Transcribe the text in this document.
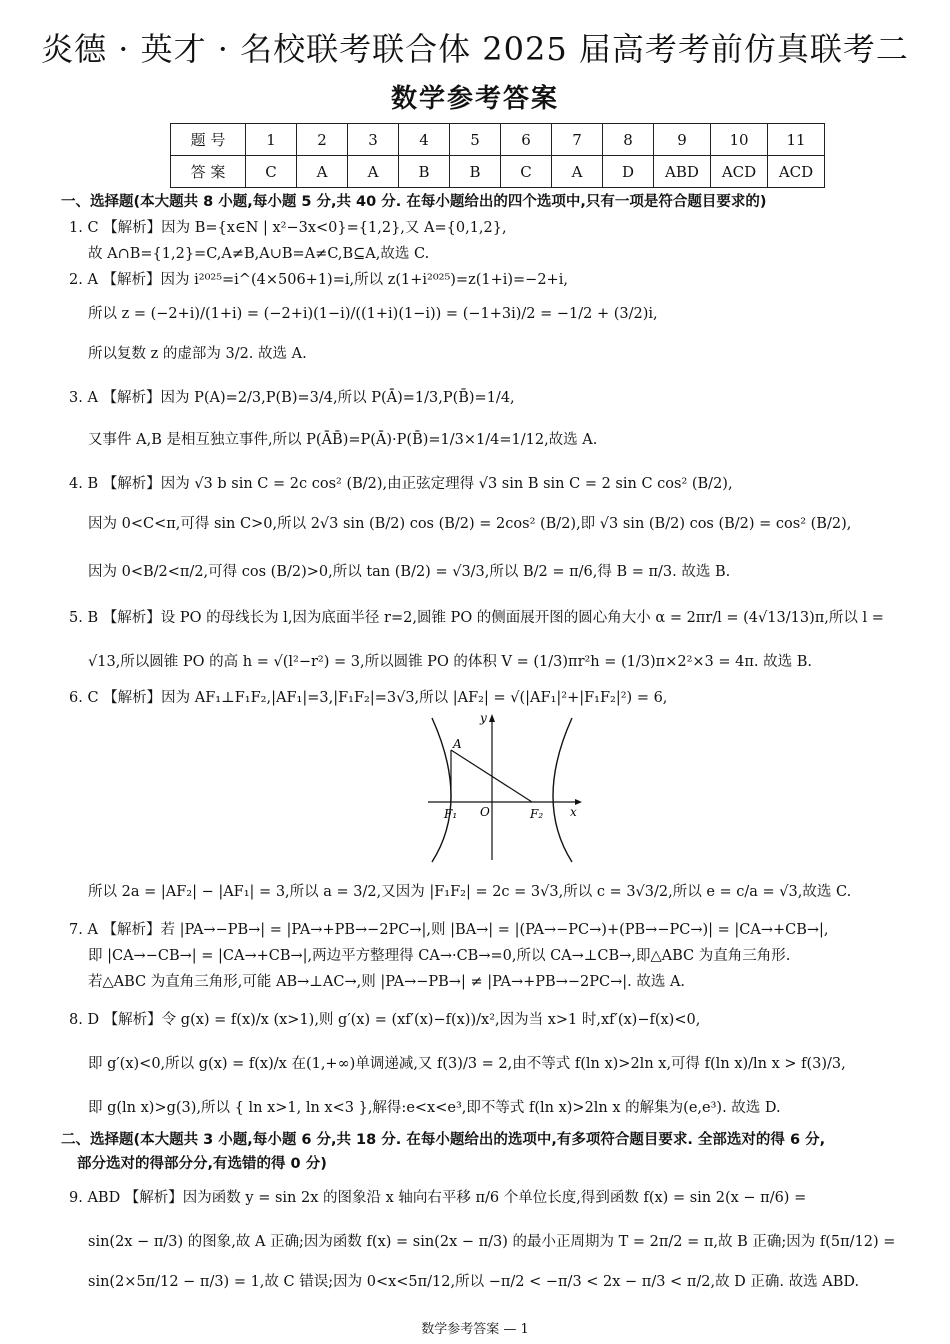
炎德 · 英才 · 名校联考联合体 2025 届高考考前仿真联考二
数学参考答案
题 号	1	2	3	4	5	6	7	8	9	10	11
答 案	C	A	A	B	B	C	A	D	ABD	ACD	ACD
一、选择题(本大题共 8 小题,每小题 5 分,共 40 分. 在每小题给出的四个选项中,只有一项是符合题目要求的)
1. C 【解析】因为 B={x∈N | x²−3x<0}={1,2},又 A={0,1,2},
故 A∩B={1,2}=C,A≠B,A∪B=A≠C,B⊆A,故选 C.
2. A 【解析】因为 i²⁰²⁵=i^(4×506+1)=i,所以 z(1+i²⁰²⁵)=z(1+i)=−2+i,
所以 z = (−2+i)/(1+i) = (−2+i)(1−i)/((1+i)(1−i)) = (−1+3i)/2 = −1/2 + (3/2)i,
所以复数 z 的虚部为 3/2. 故选 A.
3. A 【解析】因为 P(A)=2/3,P(B)=3/4,所以 P(Ā)=1/3,P(B̄)=1/4,
又事件 A,B 是相互独立事件,所以 P(ĀB̄)=P(Ā)·P(B̄)=1/3×1/4=1/12,故选 A.
4. B 【解析】因为 √3 b sin C = 2c cos² (B/2),由正弦定理得 √3 sin B sin C = 2 sin C cos² (B/2),
因为 0<C<π,可得 sin C>0,所以 2√3 sin (B/2) cos (B/2) = 2cos² (B/2),即 √3 sin (B/2) cos (B/2) = cos² (B/2),
因为 0<B/2<π/2,可得 cos (B/2)>0,所以 tan (B/2) = √3/3,所以 B/2 = π/6,得 B = π/3. 故选 B.
5. B 【解析】设 PO 的母线长为 l,因为底面半径 r=2,圆锥 PO 的侧面展开图的圆心角大小 α = 2πr/l = (4√13/13)π,所以 l =
√13,所以圆锥 PO 的高 h = √(l²−r²) = 3,所以圆锥 PO 的体积 V = (1/3)πr²h = (1/3)π×2²×3 = 4π. 故选 B.
6. C 【解析】因为 AF₁⊥F₁F₂,|AF₁|=3,|F₁F₂|=3√3,所以 |AF₂| = √(|AF₁|²+|F₁F₂|²) = 6,
所以 2a = |AF₂| − |AF₁| = 3,所以 a = 3/2,又因为 |F₁F₂| = 2c = 3√3,所以 c = 3√3/2,所以 e = c/a = √3,故选 C.
7. A 【解析】若 |PA→−PB→| = |PA→+PB→−2PC→|,则 |BA→| = |(PA→−PC→)+(PB→−PC→)| = |CA→+CB→|,
即 |CA→−CB→| = |CA→+CB→|,两边平方整理得 CA→·CB→=0,所以 CA→⊥CB→,即△ABC 为直角三角形.
若△ABC 为直角三角形,可能 AB→⊥AC→,则 |PA→−PB→| ≠ |PA→+PB→−2PC→|. 故选 A.
8. D 【解析】令 g(x) = f(x)/x (x>1),则 g′(x) = (xf′(x)−f(x))/x²,因为当 x>1 时,xf′(x)−f(x)<0,
即 g′(x)<0,所以 g(x) = f(x)/x 在(1,+∞)单调递减,又 f(3)/3 = 2,由不等式 f(ln x)>2ln x,可得 f(ln x)/ln x > f(3)/3,
即 g(ln x)>g(3),所以 { ln x>1, ln x<3 },解得:e<x<e³,即不等式 f(ln x)>2ln x 的解集为(e,e³). 故选 D.
二、选择题(本大题共 3 小题,每小题 6 分,共 18 分. 在每小题给出的选项中,有多项符合题目要求. 全部选对的得 6 分,
部分选对的得部分分,有选错的得 0 分)
9. ABD 【解析】因为函数 y = sin 2x 的图象沿 x 轴向右平移 π/6 个单位长度,得到函数 f(x) = sin 2(x − π/6) =
sin(2x − π/3) 的图象,故 A 正确;因为函数 f(x) = sin(2x − π/3) 的最小正周期为 T = 2π/2 = π,故 B 正确;因为 f(5π/12) =
sin(2×5π/12 − π/3) = 1,故 C 错误;因为 0<x<5π/12,所以 −π/2 < −π/3 < 2x − π/3 < π/2,故 D 正确. 故选 ABD.
y
x
A
O
F₁	F₂
数学参考答案 — 1
